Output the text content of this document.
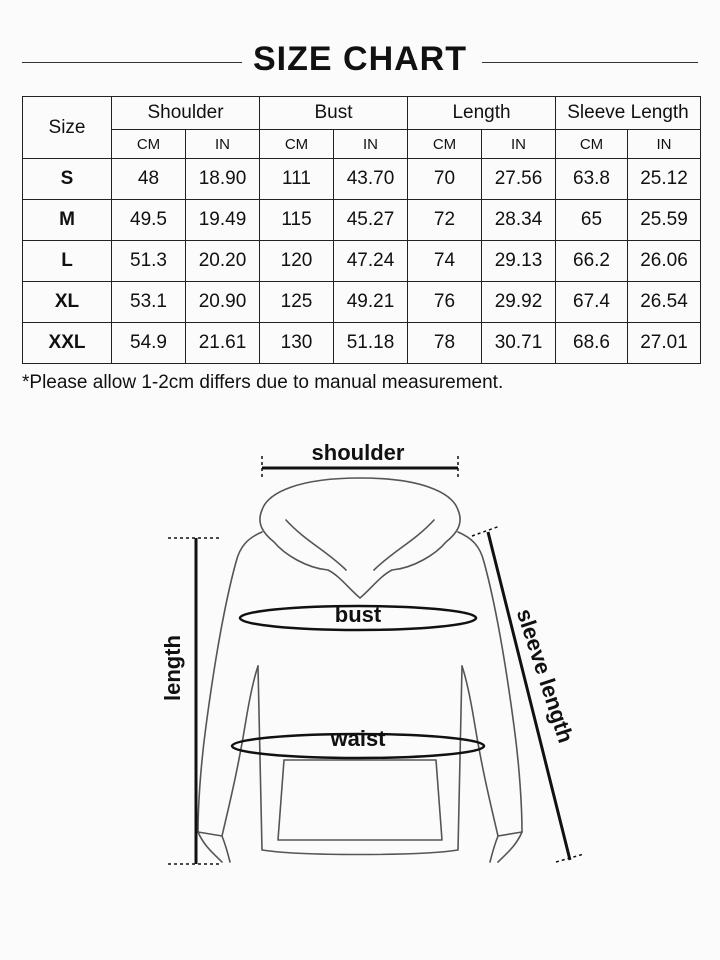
SIZE CHART
Size	Shoulder		Bust		Length		Sleeve Length	
	CM	IN	CM	IN	CM	IN	CM	IN
S	48	18.90	111	43.70	70	27.56	63.8	25.12
M	49.5	19.49	115	45.27	72	28.34	65	25.59
L	51.3	20.20	120	47.24	74	29.13	66.2	26.06
XL	53.1	20.90	125	49.21	76	29.92	67.4	26.54
XXL	54.9	21.61	130	51.18	78	30.71	68.6	27.01
*Please allow 1-2cm differs due to manual measurement.
shoulder
bust
waist
length	sleeve length
